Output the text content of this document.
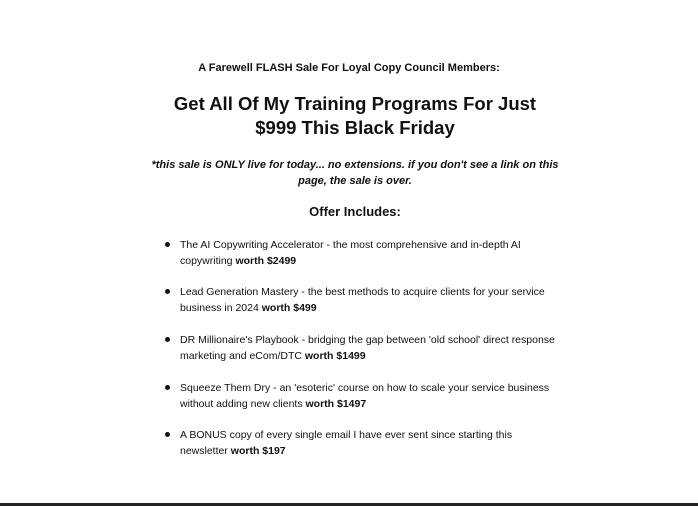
A Farewell FLASH Sale For Loyal Copy Council Members:
Get All Of My Training Programs For Just
$999 This Black Friday
*this sale is ONLY live for today... no extensions. if you don't see a link on this page, the sale is over.
Offer Includes:
The AI Copywriting Accelerator - the most comprehensive and in-depth AI copywriting worth $2499
Lead Generation Mastery - the best methods to acquire clients for your service business in 2024 worth $499
DR Millionaire's Playbook - bridging the gap between 'old school' direct response marketing and eCom/DTC worth $1499
Squeeze Them Dry - an 'esoteric' course on how to scale your service business without adding new clients worth $1497
A BONUS copy of every single email I have ever sent since starting this newsletter worth $197
